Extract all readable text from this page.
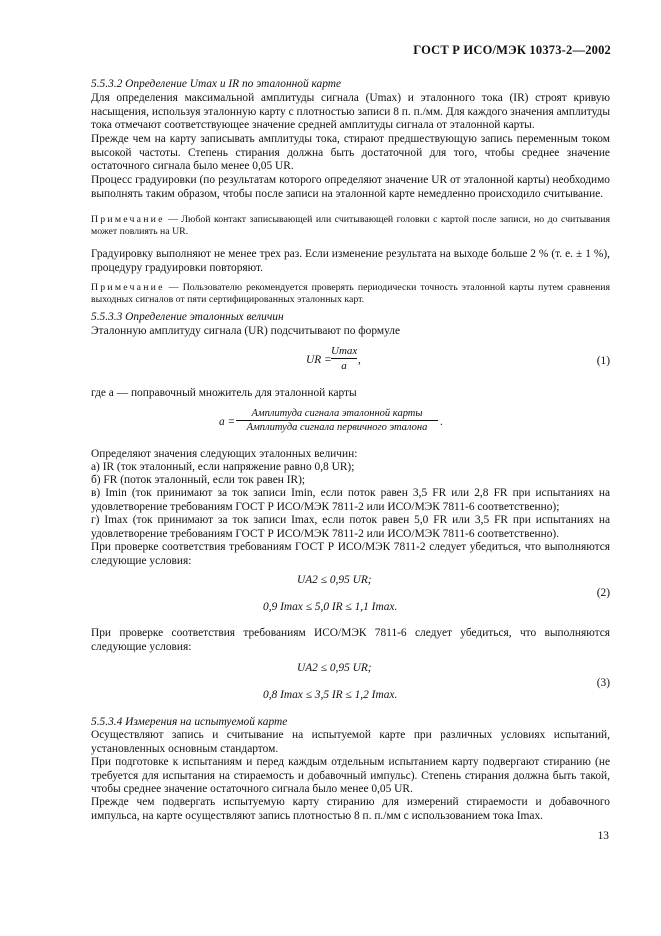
ГОСТ Р ИСО/МЭК 10373-2—2002
5.5.3.2 Определение Umax и IR по эталонной карте
Для определения максимальной амплитуды сигнала (Umax) и эталонного тока (IR) строят кривую насыщения, используя эталонную карту с плотностью записи 8 п. п./мм. Для каждого значения амплитуды тока отмечают соответствующее значение средней амплитуды сигнала от эталонной карты.
Прежде чем на карту записывать амплитуды тока, стирают предшествующую запись переменным током высокой частоты. Степень стирания должна быть достаточной для того, чтобы среднее значение остаточного сигнала было менее 0,05 UR.
Процесс градуировки (по результатам которого определяют значение UR от эталонной карты) необходимо выполнять таким образом, чтобы после записи на эталонной карте немедленно происходило считывание.
Примечание — Любой контакт записывающей или считывающей головки с картой после записи, но до считывания может повлиять на UR.
Градуировку выполняют не менее трех раз. Если изменение результата на выходе больше 2 % (т. е. ± 1 %), процедуру градуировки повторяют.
Примечание — Пользователю рекомендуется проверять периодически точность эталонной карты путем сравнения выходных сигналов от пяти сертифицированных эталонных карт.
5.5.3.3 Определение эталонных величин
Эталонную амплитуду сигнала (UR) подсчитывают по формуле
UR =
Umax
a ,	(1)
где a — поправочный множитель для эталонной карты
a =
Амплитуда сигнала эталонной карты
Амплитуда сигнала первичного эталона	.
Определяют значения следующих эталонных величин:
а) IR (ток эталонный, если напряжение равно 0,8 UR);
б) FR (поток эталонный, если ток равен IR);
в) Imin (ток принимают за ток записи Imin, если поток равен 3,5 FR или 2,8 FR при испытаниях на удовлетворение требованиям ГОСТ Р ИСО/МЭК 7811-2 или ИСО/МЭК 7811-6 соответственно);
г) Imax (ток принимают за ток записи Imax, если поток равен 5,0 FR или 3,5 FR при испытаниях на удовлетворение требованиям ГОСТ Р ИСО/МЭК 7811-2 или ИСО/МЭК 7811-6 соответственно).
При проверке соответствия требованиям ГОСТ Р ИСО/МЭК 7811-2 следует убедиться, что выполняются следующие условия:
UA2 ≤ 0,95 UR;
0,9 Imax ≤ 5,0 IR ≤ 1,1 Imax.
(2)
При проверке соответствия требованиям ИСО/МЭК 7811-6 следует убедиться, что выполняются следующие условия:
UA2 ≤ 0,95 UR;
0,8 Imax ≤ 3,5 IR ≤ 1,2 Imax.
(3)
5.5.3.4 Измерения на испытуемой карте
Осуществляют запись и считывание на испытуемой карте при различных условиях испытаний, установленных основным стандартом.
При подготовке к испытаниям и перед каждым отдельным испытанием карту подвергают стиранию (не требуется для испытания на стираемость и добавочный импульс). Степень стирания должна быть такой, чтобы среднее значение остаточного сигнала было менее 0,05 UR.
Прежде чем подвергать испытуемую карту стиранию для измерений стираемости и добавочного импульса, на карте осуществляют запись плотностью 8 п. п./мм с использованием тока Imax.
13
